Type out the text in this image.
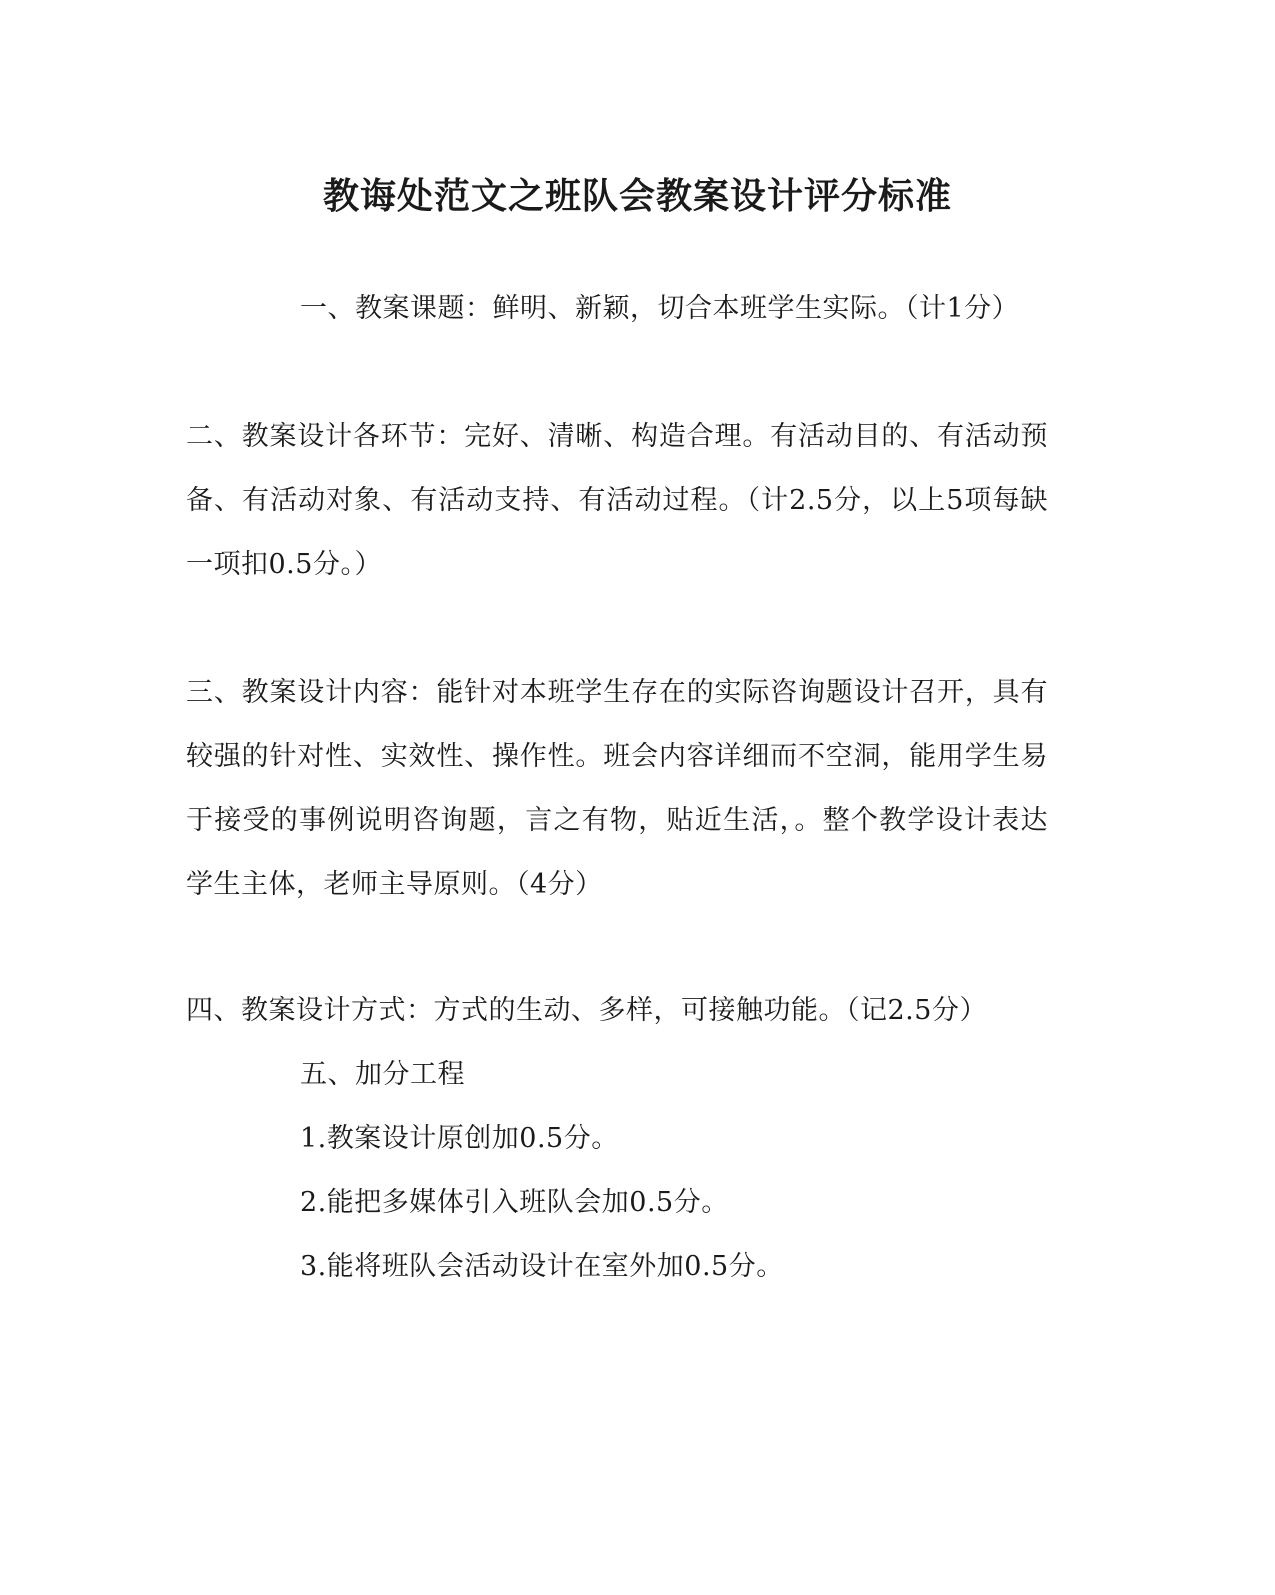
教诲处范文之班队会教案设计评分标准

一、教案课题：鲜明、新颖，切合本班学生实际。（计1分）

二、教案设计各环节：完好、清晰、构造合理。有活动目的、有活动预备、有活动对象、有活动支持、有活动过程。（计2.5分，以上5项每缺一项扣0.5分。）

三、教案设计内容：能针对本班学生存在的实际咨询题设计召开，具有较强的针对性、实效性、操作性。班会内容详细而不空洞，能用学生易于接受的事例说明咨询题，言之有物，贴近生活，。整个教学设计表达学生主体，老师主导原则。（4分）

四、教案设计方式：方式的生动、多样，可接触功能。（记2.5分）

五、加分工程

1.教案设计原创加0.5分。

2.能把多媒体引入班队会加0.5分。

3.能将班队会活动设计在室外加0.5分。
